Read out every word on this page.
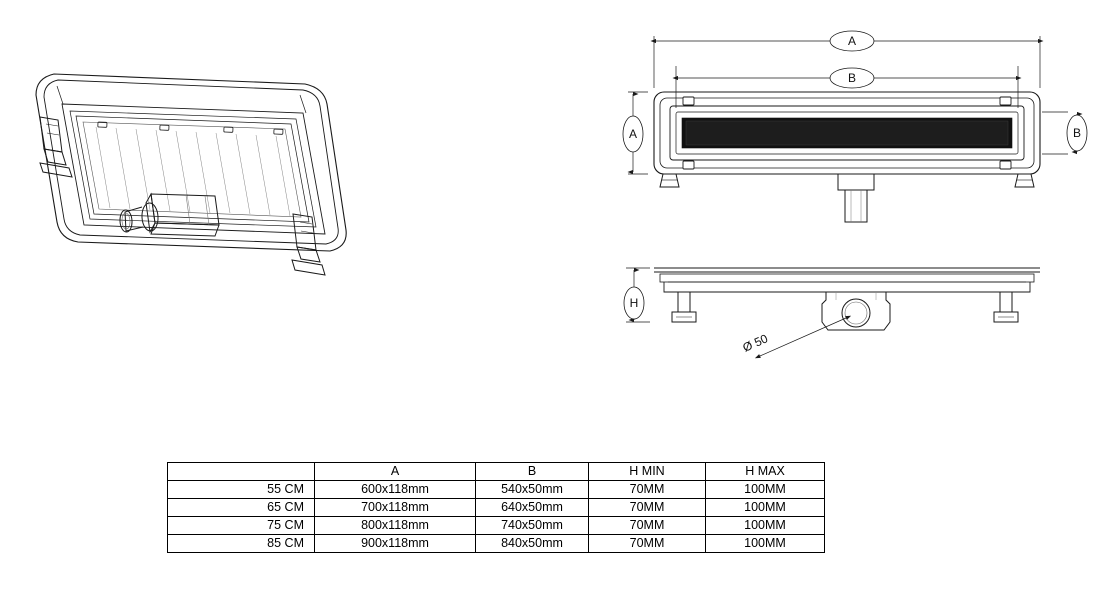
A
B
A	B
Ø 50
H
	A	B	H MIN	H MAX
55 CM	600x118mm	540x50mm	70MM	100MM
65 CM	700x118mm	640x50mm	70MM	100MM
75 CM	800x118mm	740x50mm	70MM	100MM
85 CM	900x118mm	840x50mm	70MM	100MM
